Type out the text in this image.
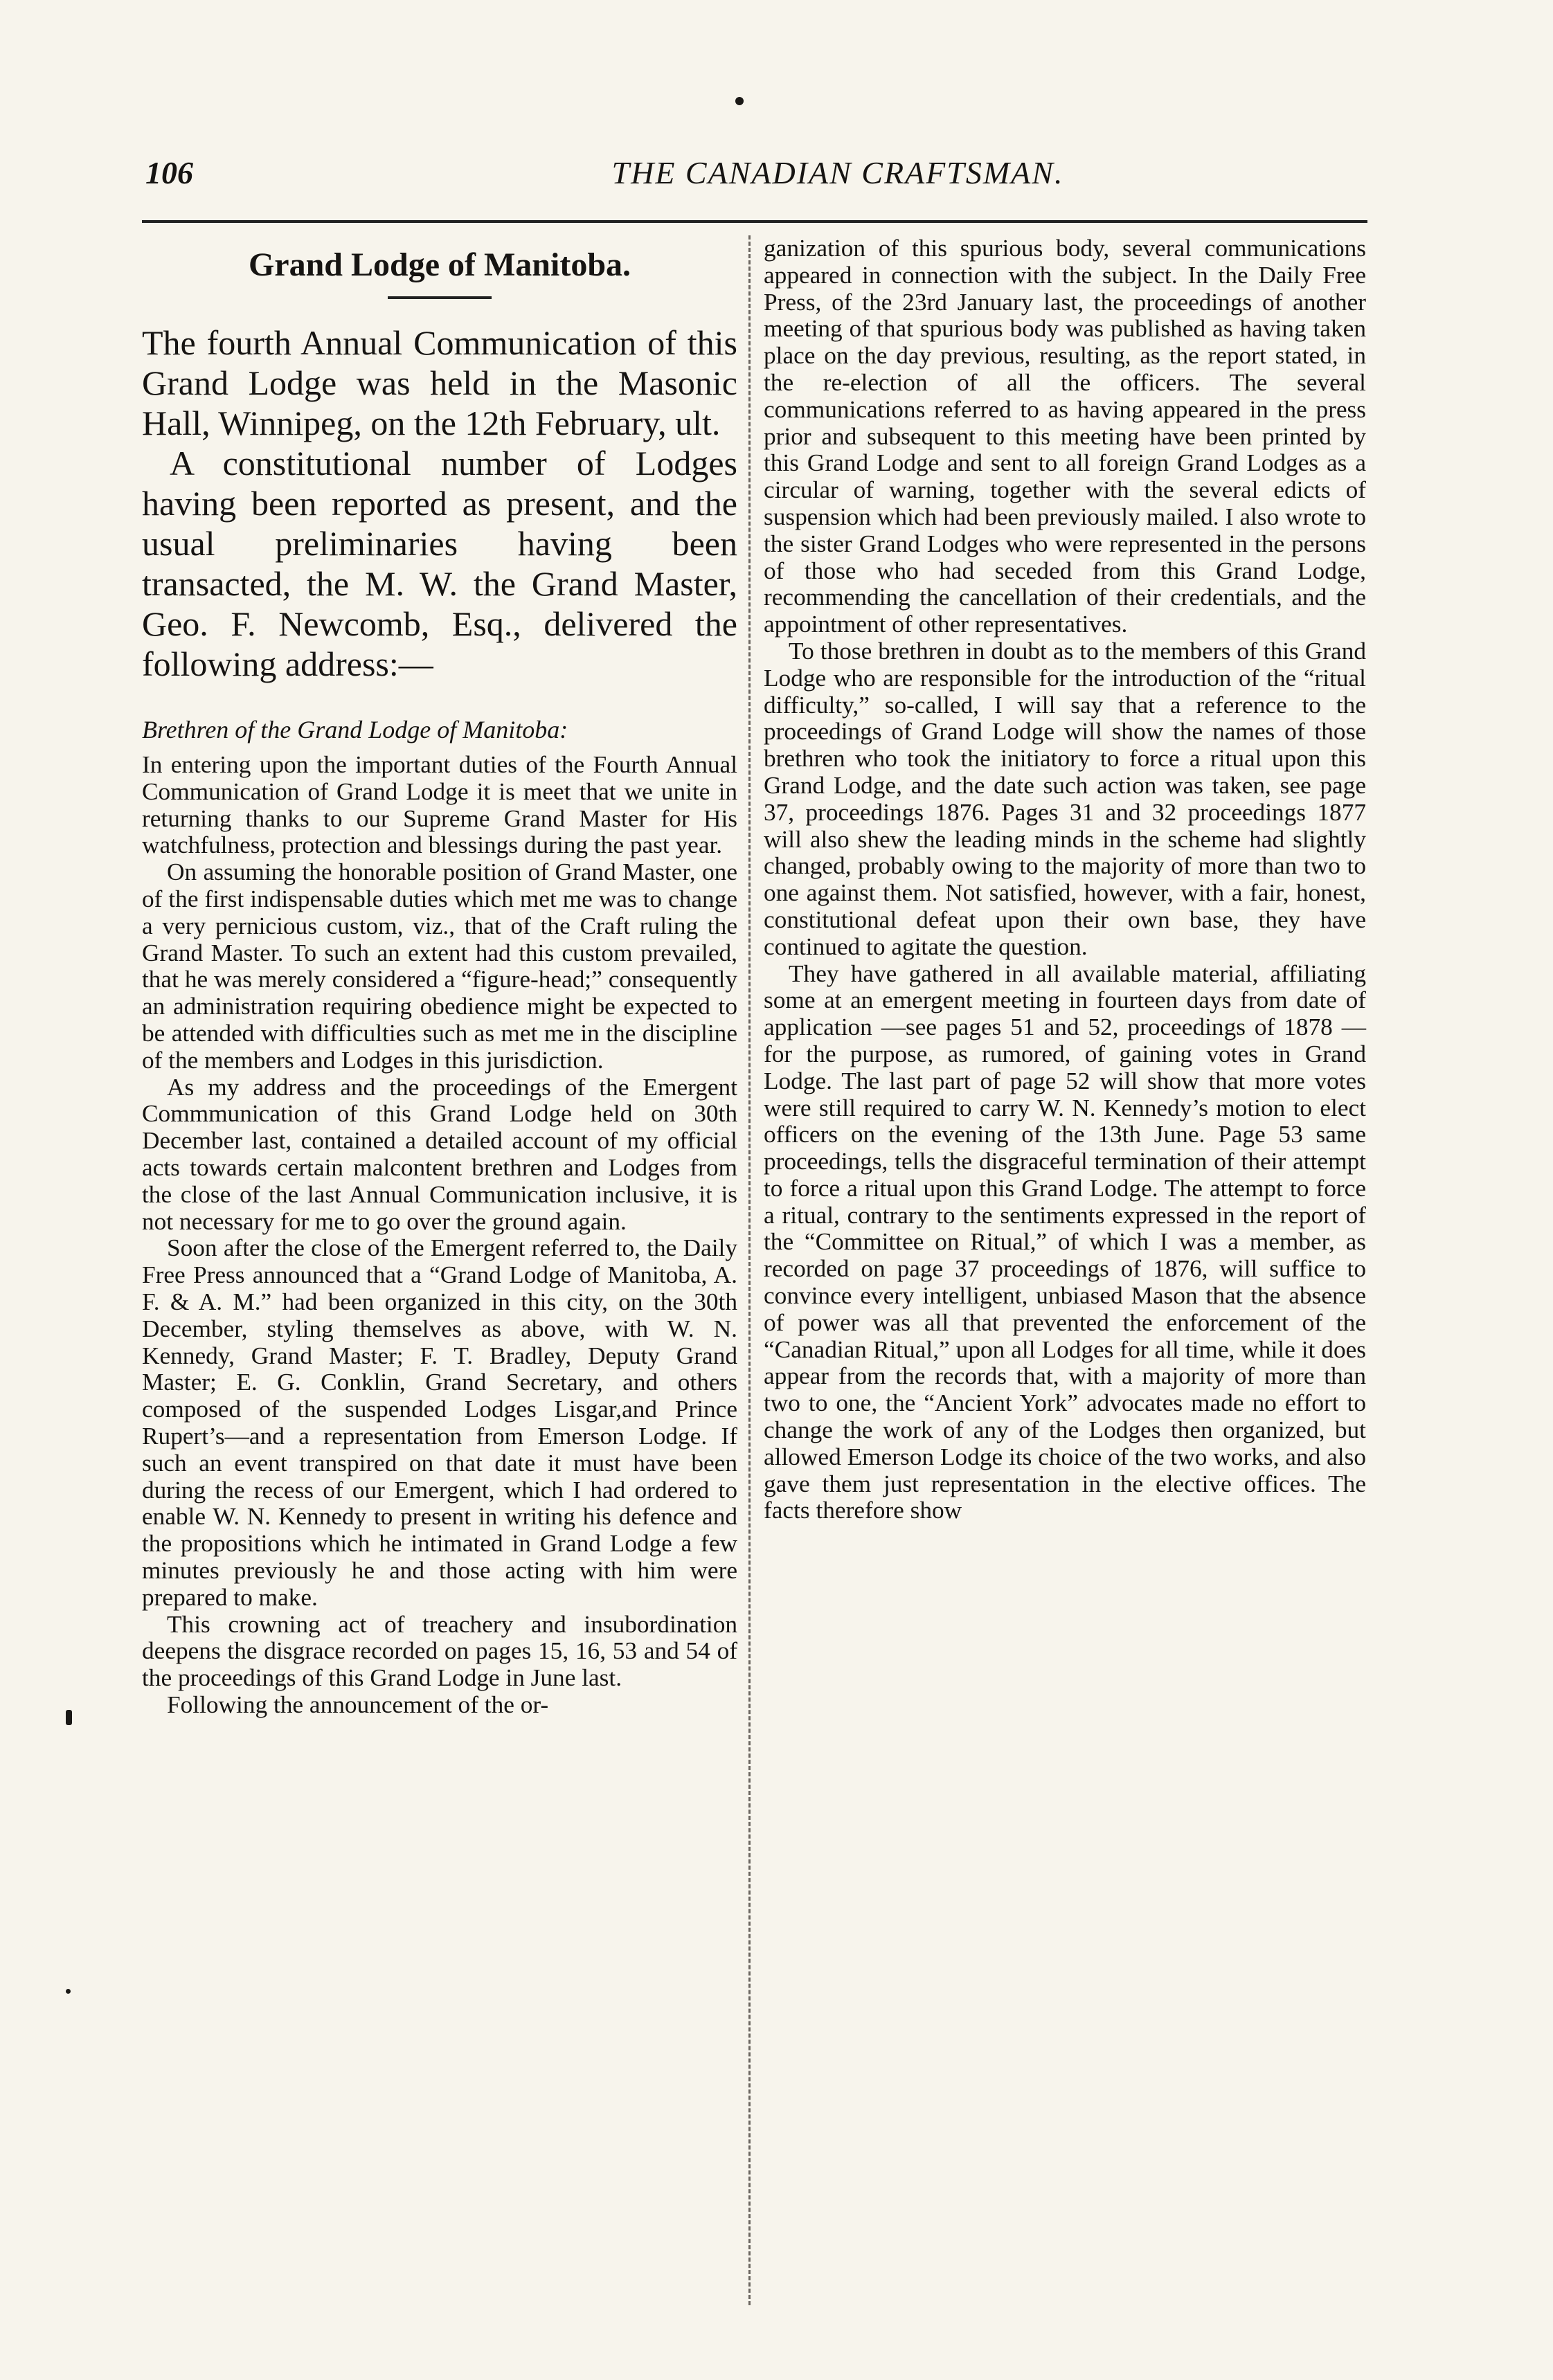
106	THE CANADIAN CRAFTSMAN.
Grand Lodge of Manitoba.

The fourth Annual Communication of this Grand Lodge was held in the Masonic Hall, Winnipeg, on the 12th February, ult.

A constitutional number of Lodges having been reported as present, and the usual preliminaries having been transacted, the M. W. the Grand Master, Geo. F. Newcomb, Esq., delivered the following address:—

Brethren of the Grand Lodge of Manitoba:

In entering upon the important duties of the Fourth Annual Communication of Grand Lodge it is meet that we unite in returning thanks to our Supreme Grand Master for His watchfulness, protection and blessings during the past year.

On assuming the honorable position of Grand Master, one of the first indispensable duties which met me was to change a very pernicious custom, viz., that of the Craft ruling the Grand Master. To such an extent had this custom prevailed, that he was merely considered a “figure-head;” consequently an administration requiring obedience might be expected to be attended with difficulties such as met me in the discipline of the members and Lodges in this jurisdiction.

As my address and the proceedings of the Emergent Commmunication of this Grand Lodge held on 30th December last, contained a detailed account of my official acts towards certain malcontent brethren and Lodges from the close of the last Annual Communication inclusive, it is not necessary for me to go over the ground again.

Soon after the close of the Emergent referred to, the Daily Free Press announced that a “Grand Lodge of Manitoba, A. F. & A. M.” had been organized in this city, on the 30th December, styling themselves as above, with W. N. Kennedy, Grand Master; F. T. Bradley, Deputy Grand Master; E. G. Conklin, Grand Secretary, and others composed of the suspended Lodges Lisgar,and Prince Rupert’s—and a representation from Emerson Lodge. If such an event transpired on that date it must have been during the recess of our Emergent, which I had ordered to enable W. N. Kennedy to present in writing his defence and the propositions which he intimated in Grand Lodge a few minutes previously he and those acting with him were prepared to make.

This crowning act of treachery and insubordination deepens the disgrace recorded on pages 15, 16, 53 and 54 of the proceedings of this Grand Lodge in June last.

Following the announcement of the or-

ganization of this spurious body, several communications appeared in connection with the subject. In the Daily Free Press, of the 23rd January last, the proceedings of another meeting of that spurious body was published as having taken place on the day previous, resulting, as the report stated, in the re-election of all the officers. The several communications referred to as having appeared in the press prior and subsequent to this meeting have been printed by this Grand Lodge and sent to all foreign Grand Lodges as a circular of warning, together with the several edicts of suspension which had been previously mailed. I also wrote to the sister Grand Lodges who were represented in the persons of those who had seceded from this Grand Lodge, recommending the cancellation of their credentials, and the appointment of other representatives.

To those brethren in doubt as to the members of this Grand Lodge who are responsible for the introduction of the “ritual difficulty,” so-called, I will say that a reference to the proceedings of Grand Lodge will show the names of those brethren who took the initiatory to force a ritual upon this Grand Lodge, and the date such action was taken, see page 37, proceedings 1876. Pages 31 and 32 proceedings 1877 will also shew the leading minds in the scheme had slightly changed, probably owing to the majority of more than two to one against them. Not satisfied, however, with a fair, honest, constitutional defeat upon their own base, they have continued to agitate the question.

They have gathered in all available material, affiliating some at an emergent meeting in fourteen days from date of application —see pages 51 and 52, proceedings of 1878 —for the purpose, as rumored, of gaining votes in Grand Lodge. The last part of page 52 will show that more votes were still required to carry W. N. Kennedy’s motion to elect officers on the evening of the 13th June. Page 53 same proceedings, tells the disgraceful termination of their attempt to force a ritual upon this Grand Lodge. The attempt to force a ritual, contrary to the sentiments expressed in the report of the “Committee on Ritual,” of which I was a member, as recorded on page 37 proceedings of 1876, will suffice to convince every intelligent, unbiased Mason that the absence of power was all that prevented the enforcement of the “Canadian Ritual,” upon all Lodges for all time, while it does appear from the records that, with a majority of more than two to one, the “Ancient York” advocates made no effort to change the work of any of the Lodges then organized, but allowed Emerson Lodge its choice of the two works, and also gave them just representation in the elective offices. The facts therefore show
